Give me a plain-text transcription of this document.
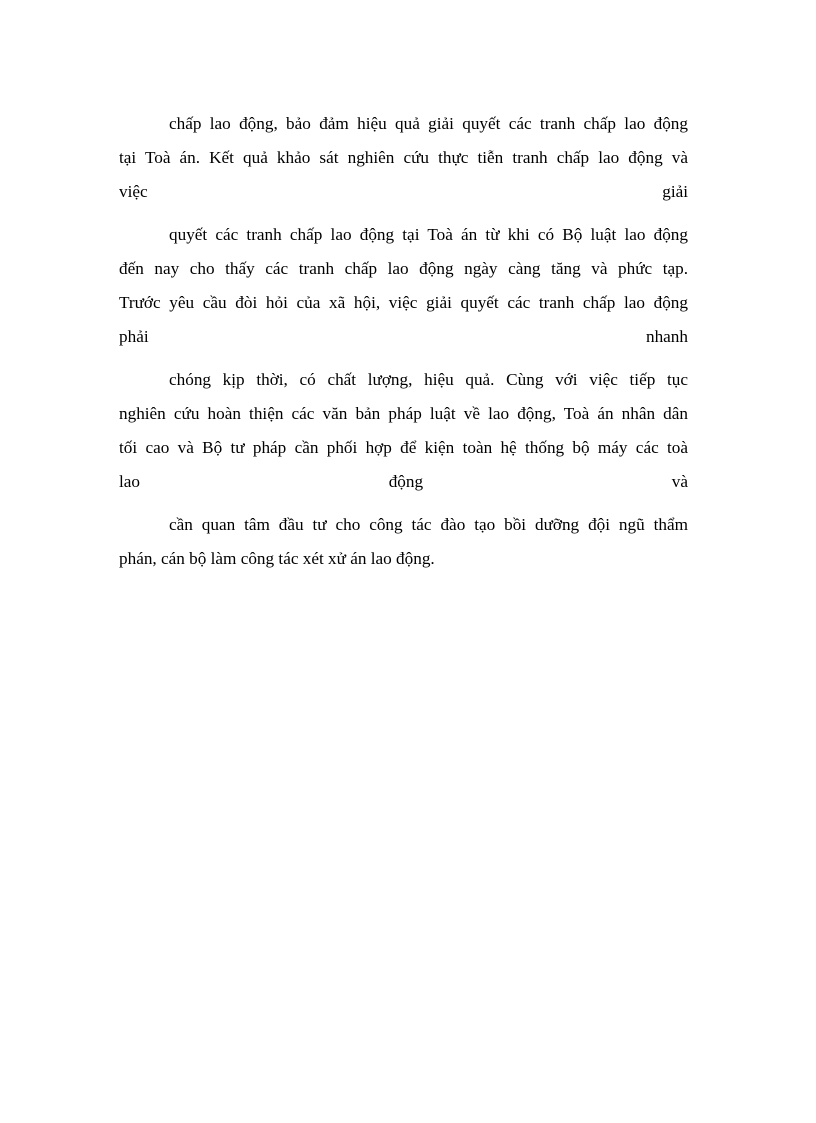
chấp lao động, bảo đảm hiệu quả giải quyết các tranh chấp lao động
tại Toà án. Kết quả khảo sát nghiên cứu thực tiễn tranh chấp lao động và
việc giải
quyết các tranh chấp lao động tại Toà án từ khi có Bộ luật lao động
đến nay cho thấy các tranh chấp lao động ngày càng tăng và phức tạp.
Trước yêu cầu đòi hỏi của xã hội, việc giải quyết các tranh chấp lao động
phải nhanh
chóng kịp thời, có chất lượng, hiệu quả. Cùng với việc tiếp tục
nghiên cứu hoàn thiện các văn bản pháp luật về lao động, Toà án nhân dân
tối cao và Bộ tư pháp cần phối hợp để kiện toàn hệ thống bộ máy các toà
lao động và
cần quan tâm đầu tư cho công tác đào tạo bồi dưỡng đội ngũ thẩm
phán, cán bộ làm công tác xét xử án lao động.
